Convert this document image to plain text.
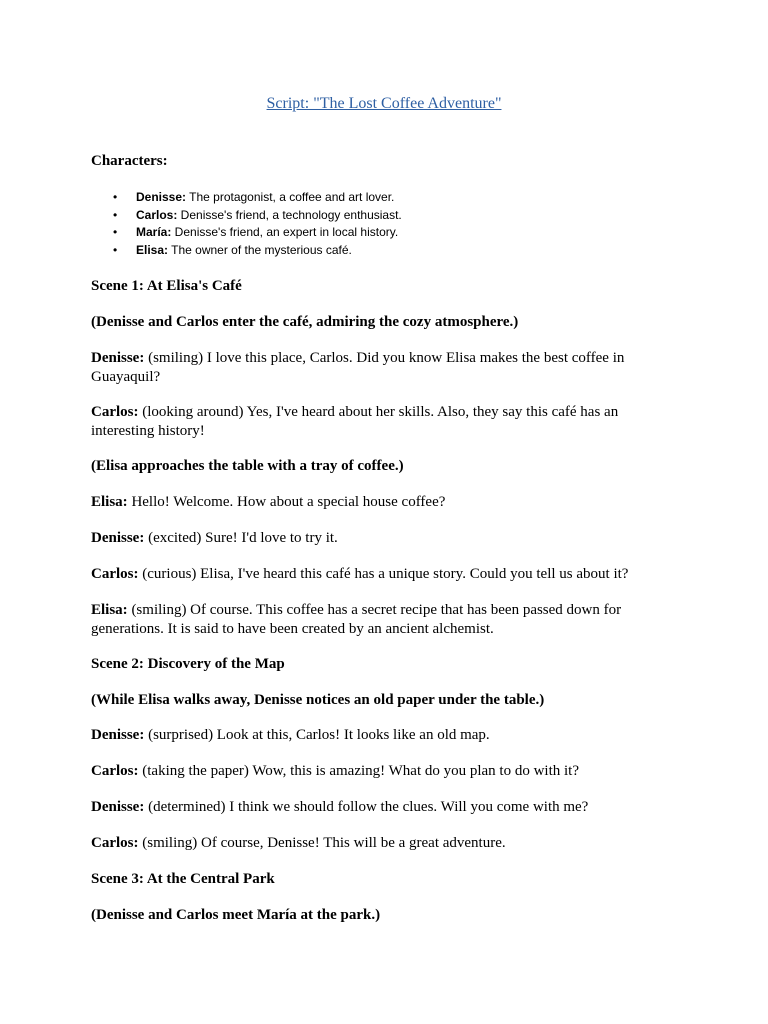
Script: "The Lost Coffee Adventure"
Characters:
• Denisse: The protagonist, a coffee and art lover.
• Carlos: Denisse's friend, a technology enthusiast.
• María: Denisse's friend, an expert in local history.
• Elisa: The owner of the mysterious café.
Scene 1: At Elisa's Café
(Denisse and Carlos enter the café, admiring the cozy atmosphere.)
Denisse: (smiling) I love this place, Carlos. Did you know Elisa makes the best coffee in Guayaquil?
Carlos: (looking around) Yes, I've heard about her skills. Also, they say this café has an interesting history!
(Elisa approaches the table with a tray of coffee.)
Elisa: Hello! Welcome. How about a special house coffee?
Denisse: (excited) Sure! I'd love to try it.
Carlos: (curious) Elisa, I've heard this café has a unique story. Could you tell us about it?
Elisa: (smiling) Of course. This coffee has a secret recipe that has been passed down for generations. It is said to have been created by an ancient alchemist.
Scene 2: Discovery of the Map
(While Elisa walks away, Denisse notices an old paper under the table.)
Denisse: (surprised) Look at this, Carlos! It looks like an old map.
Carlos: (taking the paper) Wow, this is amazing! What do you plan to do with it?
Denisse: (determined) I think we should follow the clues. Will you come with me?
Carlos: (smiling) Of course, Denisse! This will be a great adventure.
Scene 3: At the Central Park
(Denisse and Carlos meet María at the park.)
